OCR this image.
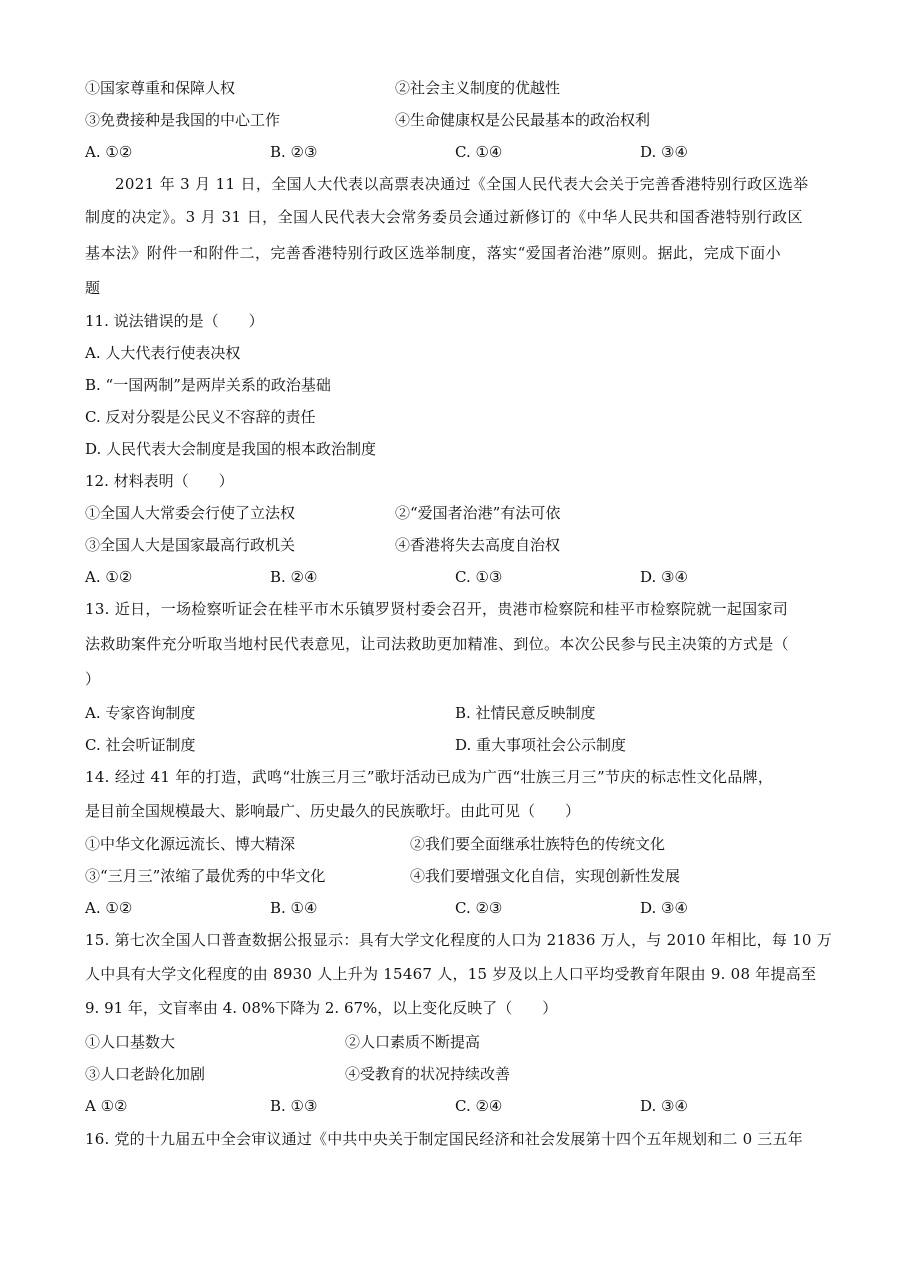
①国家尊重和保障人权	②社会主义制度的优越性
③免费接种是我国的中心工作	④生命健康权是公民最基本的政治权利
A. ①②	B. ②③	C. ①④	D. ③④
2021 年 3 月 11 日，全国人大代表以高票表决通过《全国人民代表大会关于完善香港特别行政区选举
制度的决定》。3 月 31 日，全国人民代表大会常务委员会通过新修订的《中华人民共和国香港特别行政区
基本法》附件一和附件二，完善香港特别行政区选举制度，落实“爱国者治港”原则。据此，完成下面小
题
11. 说法错误的是（　　）
A. 人大代表行使表决权
B. “一国两制”是两岸关系的政治基础
C. 反对分裂是公民义不容辞的责任
D. 人民代表大会制度是我国的根本政治制度
12. 材料表明（　　）
①全国人大常委会行使了立法权	②“爱国者治港”有法可依
③全国人大是国家最高行政机关	④香港将失去高度自治权
A. ①②	B. ②④	C. ①③	D. ③④
13. 近日，一场检察听证会在桂平市木乐镇罗贤村委会召开，贵港市检察院和桂平市检察院就一起国家司
法救助案件充分听取当地村民代表意见，让司法救助更加精准、到位。本次公民参与民主决策的方式是（
）
A. 专家咨询制度	B. 社情民意反映制度
C. 社会听证制度	D. 重大事项社会公示制度
14. 经过 41 年的打造，武鸣“壮族三月三”歌圩活动已成为广西“壮族三月三”节庆的标志性文化品牌，
是目前全国规模最大、影响最广、历史最久的民族歌圩。由此可见（　　）
①中华文化源远流长、博大精深	②我们要全面继承壮族特色的传统文化
③“三月三”浓缩了最优秀的中华文化	④我们要增强文化自信，实现创新性发展
A. ①②	B. ①④	C. ②③	D. ③④
15. 第七次全国人口普查数据公报显示：具有大学文化程度的人口为 21836 万人，与 2010 年相比，每 10 万
人中具有大学文化程度的由 8930 人上升为 15467 人，15 岁及以上人口平均受教育年限由 9. 08 年提高至
9. 91 年，文盲率由 4. 08%下降为 2. 67%，以上变化反映了（　　）
①人口基数大	②人口素质不断提高
③人口老龄化加剧	④受教育的状况持续改善
A ①②	B. ①③	C. ②④	D. ③④
16. 党的十九届五中全会审议通过《中共中央关于制定国民经济和社会发展第十四个五年规划和二 0 三五年
